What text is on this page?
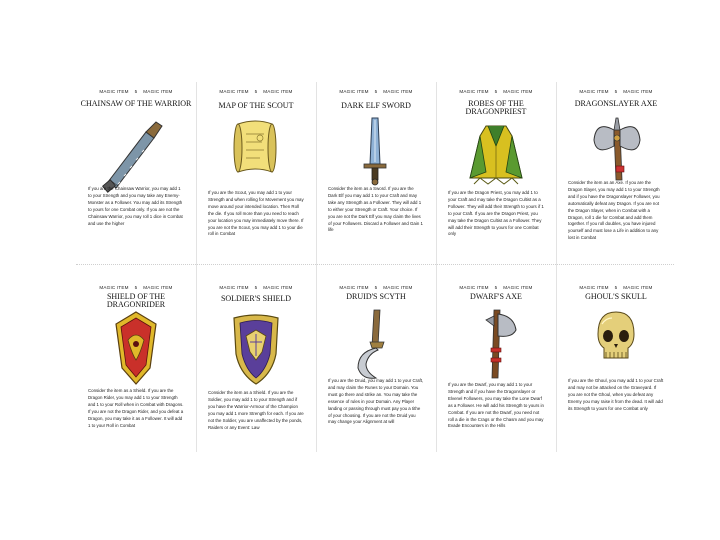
MAGIC ITEM 5 MAGIC ITEM
CHAINSAW OF THE WARRIOR
If you are the Chainsaw Warrior, you may add 1 to your Strength and you may take any Enemy-Monster as a Follower. You may add its Strength to yours for one Combat only. If you are not the Chainsaw Warrior, you may roll 1 dice in Combat and use the higher
MAGIC ITEM 5 MAGIC ITEM
MAP OF THE SCOUT
If you are the Scout, you may add 1 to your Strength and when rolling for Movement you may move around your intended location. Then Roll the die. If you roll more than you need to reach your location you may immediately move there. If you are not the Scout, you may add 1 to your die roll in Combat
MAGIC ITEM 5 MAGIC ITEM
DARK ELF SWORD
Consider the item as a Sword. If you are the Dark Elf you may add 1 to your Craft and may take any Strength as a Follower. They will add 1 to either your Strength or Craft. Your choice. If you are not the Dark Elf you may claim the lives of your Followers. Discard a Follower and Gain 1 life
MAGIC ITEM 5 MAGIC ITEM
ROBES OF THE DRAGONPRIEST
If you are the Dragon Priest, you may add 1 to your Craft and may take the Dragon Cultist as a Follower. They will add their Strength to yours if 1 to your Craft. If you are the Dragon Priest, you may take the Dragon Cultist as a Follower. They will add their Strength to yours for one Combat only
MAGIC ITEM 5 MAGIC ITEM
DRAGONSLAYER AXE
Consider the item as an Axe. If you are the Dragon Slayer, you may add 1 to your Strength and if you have the Dragonslayer Follower, you automatically defeat any Dragon. If you are not the Dragon Slayer, when in Combat with a Dragon, roll 1 die for Combat and add them together. If you roll doubles, you have injured yourself and must lose a Life in addition to any lost in Combat
MAGIC ITEM 5 MAGIC ITEM
SHIELD OF THE DRAGONRIDER
Consider the item as a Shield. If you are the Dragon Rider, you may add 1 to your Strength and 1 to your Roll when in Combat with Dragons. If you are not the Dragon Rider, and you defeat a Dragon, you may take it as a Follower. It will add 1 to your Roll in Combat
MAGIC ITEM 5 MAGIC ITEM
SOLDIER'S SHIELD
Consider the item as a Shield. If you are the Soldier, you may add 1 to your Strength and if you have the Warrior-Armour of the Champion you may add 1 more Strength for each. If you are not the Soldier, you are unaffected by the ponds, Raiders or any Event: Law
MAGIC ITEM 5 MAGIC ITEM
DRUID'S SCYTH
If you are the Druid, you may add 1 to your Craft, and may claim the Runes to your Domain. You must go there and strike an. You may take the essence of rules in your Domain. Any Player landing or passing through must pay you a tithe of your choosing. If you are not the Druid you may change your Alignment at will
MAGIC ITEM 5 MAGIC ITEM
DWARF'S AXE
If you are the Dwarf, you may add 1 to your Strength and if you have the Dragonslayer or Elvenel Followers, you may take the Lone Dwarf as a Follower. He will add his Strength to yours in Combat. If you are not the Dwarf, you need not roll a die in the Crags or the Chasm and you may Evade Encounters in the Hills
MAGIC ITEM 5 MAGIC ITEM
GHOUL'S SKULL
If you are the Ghoul, you may add 1 to your Craft and may not be attacked on the Graveyard. If you are not the Ghoul, when you defeat any Enemy you may raise it from the dead. It will add its Strength to yours for one Combat only
